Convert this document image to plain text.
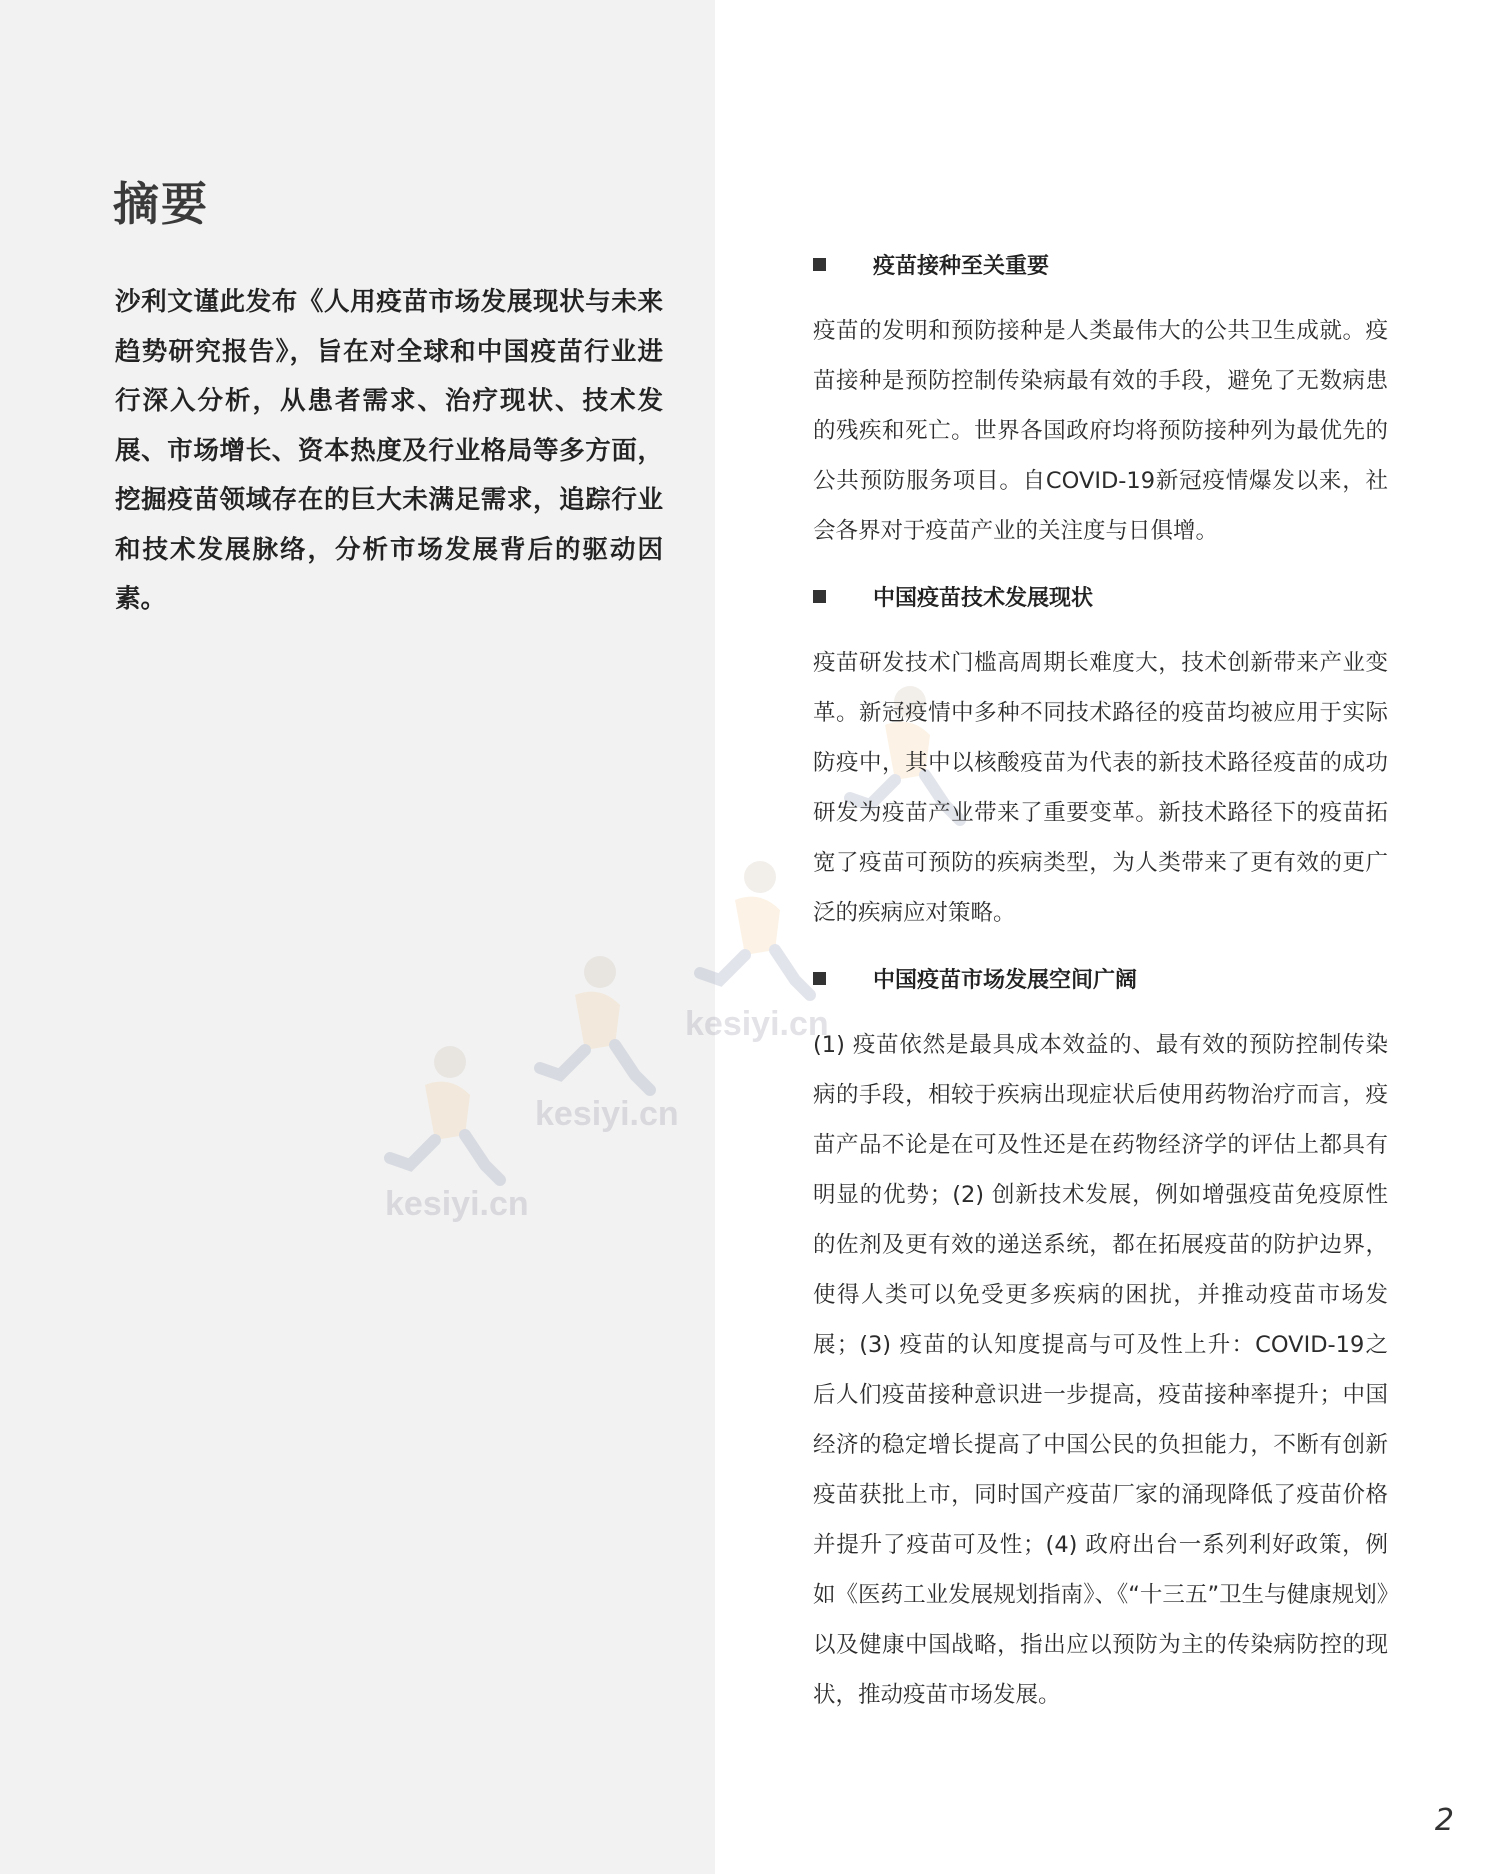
摘要

沙利文谨此发布《人用疫苗市场发展现状与未来趋势研究报告》，旨在对全球和中国疫苗行业进行深入分析，从患者需求、治疗现状、技术发展、市场增长、资本热度及行业格局等多方面，挖掘疫苗领域存在的巨大未满足需求，追踪行业和技术发展脉络，分析市场发展背后的驱动因素。

kesiyi.cn
kesiyi.cn
kesiyi.cn
疫苗接种至关重要

疫苗的发明和预防接种是人类最伟大的公共卫生成就。疫苗接种是预防控制传染病最有效的手段，避免了无数病患的残疾和死亡。世界各国政府均将预防接种列为最优先的公共预防服务项目。自COVID-19新冠疫情爆发以来，社会各界对于疫苗产业的关注度与日俱增。

中国疫苗技术发展现状

疫苗研发技术门槛高周期长难度大，技术创新带来产业变革。新冠疫情中多种不同技术路径的疫苗均被应用于实际防疫中，其中以核酸疫苗为代表的新技术路径疫苗的成功研发为疫苗产业带来了重要变革。新技术路径下的疫苗拓宽了疫苗可预防的疾病类型，为人类带来了更有效的更广泛的疾病应对策略。

中国疫苗市场发展空间广阔

(1) 疫苗依然是最具成本效益的、最有效的预防控制传染病的手段，相较于疾病出现症状后使用药物治疗而言，疫苗产品不论是在可及性还是在药物经济学的评估上都具有明显的优势；(2) 创新技术发展，例如增强疫苗免疫原性的佐剂及更有效的递送系统，都在拓展疫苗的防护边界，使得人类可以免受更多疾病的困扰，并推动疫苗市场发展；(3) 疫苗的认知度提高与可及性上升：COVID-19之后人们疫苗接种意识进一步提高，疫苗接种率提升；中国经济的稳定增长提高了中国公民的负担能力，不断有创新疫苗获批上市，同时国产疫苗厂家的涌现降低了疫苗价格并提升了疫苗可及性；(4) 政府出台一系列利好政策，例如《医药工业发展规划指南》、《“十三五”卫生与健康规划》以及健康中国战略，指出应以预防为主的传染病防控的现状，推动疫苗市场发展。

2
